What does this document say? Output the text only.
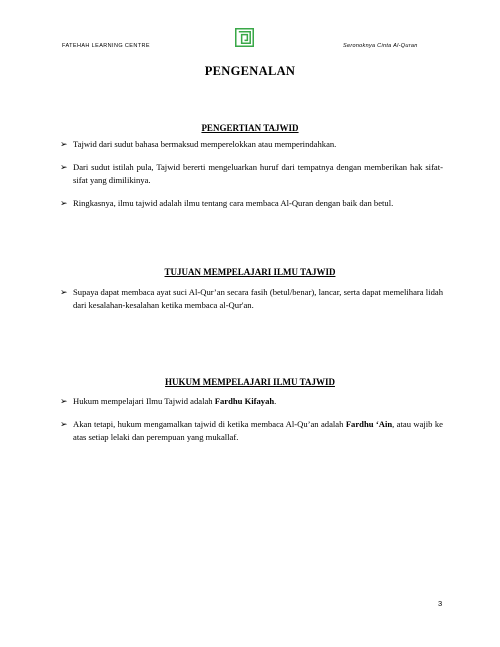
FATEHAH LEARNING CENTRE	Seronoknya Cinta Al-Quran
PENGENALAN
PENGERTIAN TAJWID
➢ Tajwid dari sudut bahasa bermaksud memperelokkan atau memperindahkan.
➢ Dari sudut istilah pula, Tajwid bererti mengeluarkan huruf dari tempatnya dengan memberikan hak sifat-sifat yang dimilikinya.
➢ Ringkasnya, ilmu tajwid adalah ilmu tentang cara membaca Al-Quran dengan baik dan betul.
TUJUAN MEMPELAJARI ILMU TAJWID
➢ Supaya dapat membaca ayat suci Al-Qur’an secara fasih (betul/benar), lancar, serta dapat memelihara lidah dari kesalahan-kesalahan ketika membaca al-Qur'an.
HUKUM MEMPELAJARI ILMU TAJWID
➢ Hukum mempelajari Ilmu Tajwid adalah Fardhu Kifayah.
➢ Akan tetapi, hukum mengamalkan tajwid di ketika membaca Al-Qu’an adalah Fardhu ‘Ain, atau wajib ke atas setiap lelaki dan perempuan yang mukallaf.
3
